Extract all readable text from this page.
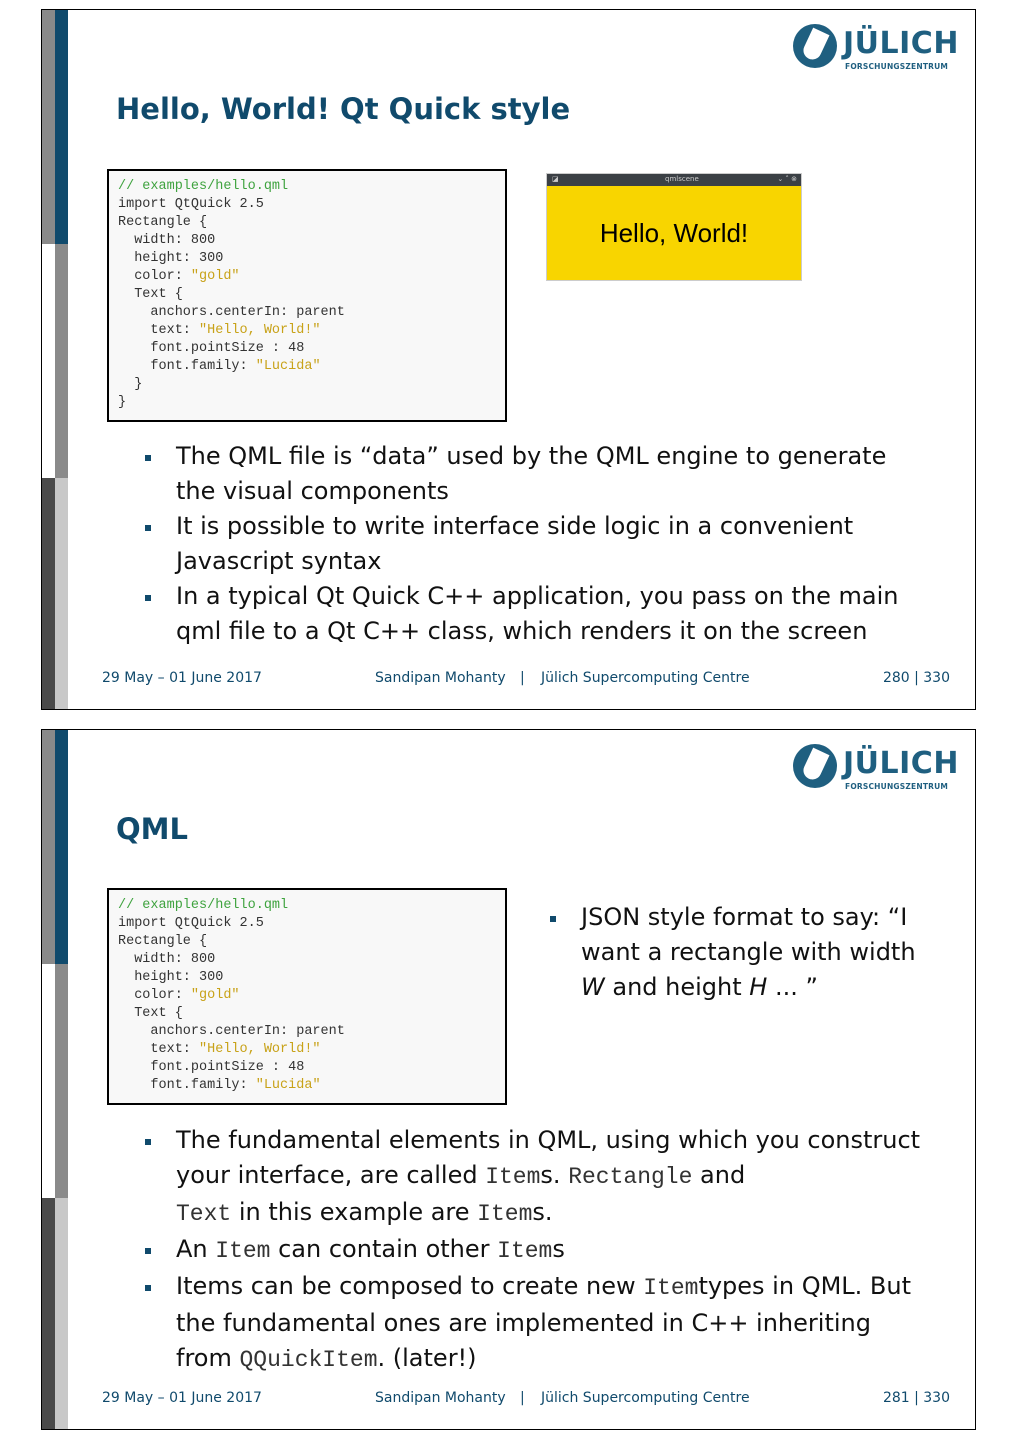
JÜLICH
FORSCHUNGSZENTRUM
Hello, World! Qt Quick style
// examples/hello.qml
import QtQuick 2.5
Rectangle {
width: 800
height: 300
color: "gold"
Text {
anchors.centerIn: parent
text: "Hello, World!"
font.pointSize : 48
font.family: "Lucida"
}
}
◪	qmlscene	⌄ ˄ ⊗
Hello, World!
The QML file is “data” used by the QML engine to generate the visual components
It is possible to write interface side logic in a convenient Javascript syntax
In a typical Qt Quick C++ application, you pass on the main qml file to a Qt C++ class, which renders it on the screen
29 May – 01 June 2017	Sandipan Mohanty | Jülich Supercomputing Centre	280 | 330
JÜLICH
FORSCHUNGSZENTRUM
QML
// examples/hello.qml
import QtQuick 2.5
Rectangle {
width: 800
height: 300
color: "gold"
Text {
anchors.centerIn: parent
text: "Hello, World!"
font.pointSize : 48
font.family: "Lucida"
JSON style format to say: “I want a rectangle with width W and height H ... ”
The fundamental elements in QML, using which you construct your interface, are called Items. Rectangle and
Text in this example are Items.
An Item can contain other Items
Items can be composed to create new Itemtypes in QML. But the fundamental ones are implemented in C++ inheriting from QQuickItem. (later!)
29 May – 01 June 2017	Sandipan Mohanty | Jülich Supercomputing Centre	281 | 330
